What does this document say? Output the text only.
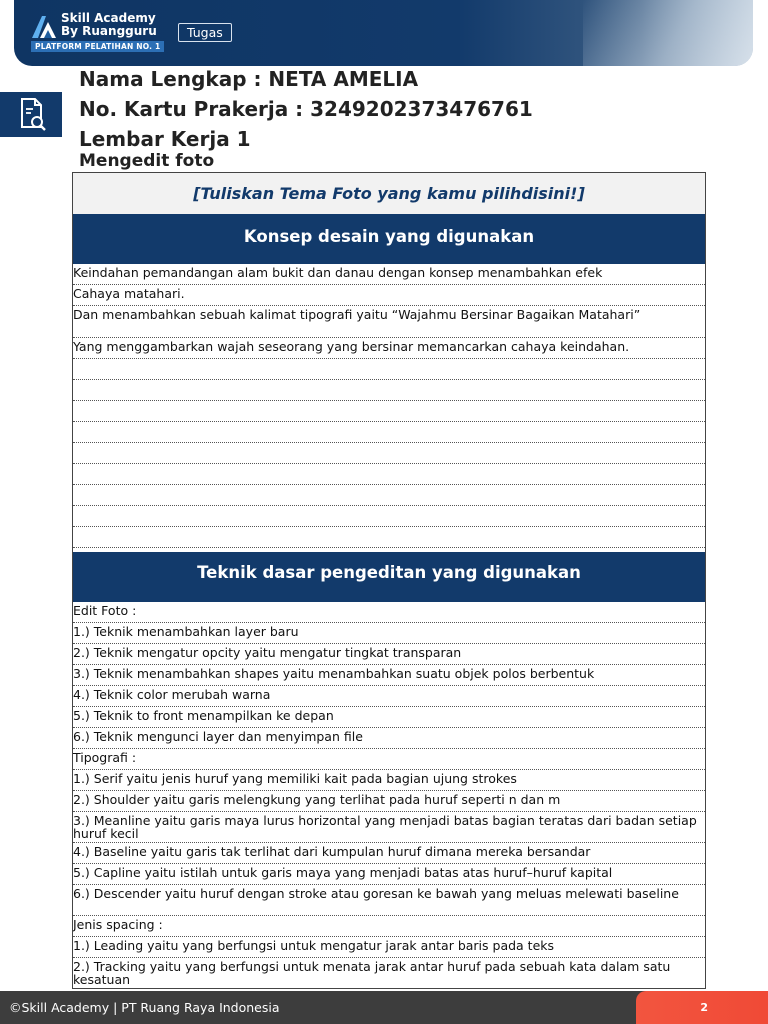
Skill Academy
By Ruangguru
PLATFORM PELATIHAN NO. 1
Tugas
Nama Lengkap : NETA AMELIA
No. Kartu Prakerja : 3249202373476761
Lembar Kerja 1
Mengedit foto
[Tuliskan Tema Foto yang kamu pilihdisini!]
Konsep desain yang digunakan
Keindahan pemandangan alam bukit dan danau dengan konsep menambahkan efek
Cahaya matahari.
Dan menambahkan sebuah kalimat tipografi yaitu “Wajahmu Bersinar Bagaikan Matahari”
Yang menggambarkan wajah seseorang yang bersinar memancarkan cahaya keindahan.
Teknik dasar pengeditan yang digunakan
Edit Foto :
1.) Teknik menambahkan layer baru
2.) Teknik mengatur opcity yaitu mengatur tingkat transparan
3.) Teknik menambahkan shapes yaitu menambahkan suatu objek polos berbentuk
4.) Teknik color merubah warna
5.) Teknik to front menampilkan ke depan
6.) Teknik mengunci layer dan menyimpan file
Tipografi :
1.) Serif yaitu jenis huruf yang memiliki kait pada bagian ujung strokes
2.) Shoulder yaitu garis melengkung yang terlihat pada huruf seperti n dan m
3.) Meanline yaitu garis maya lurus horizontal yang menjadi batas bagian teratas dari badan setiap huruf kecil
4.) Baseline yaitu garis tak terlihat dari kumpulan huruf dimana mereka bersandar
5.) Capline yaitu istilah untuk garis maya yang menjadi batas atas huruf–huruf kapital
6.) Descender yaitu huruf dengan stroke atau goresan ke bawah yang meluas melewati baseline
Jenis spacing :
1.) Leading yaitu yang berfungsi untuk mengatur jarak antar baris pada teks
2.) Tracking yaitu yang berfungsi untuk menata jarak antar huruf pada sebuah kata dalam satu kesatuan
©Skill Academy | PT Ruang Raya Indonesia	2
